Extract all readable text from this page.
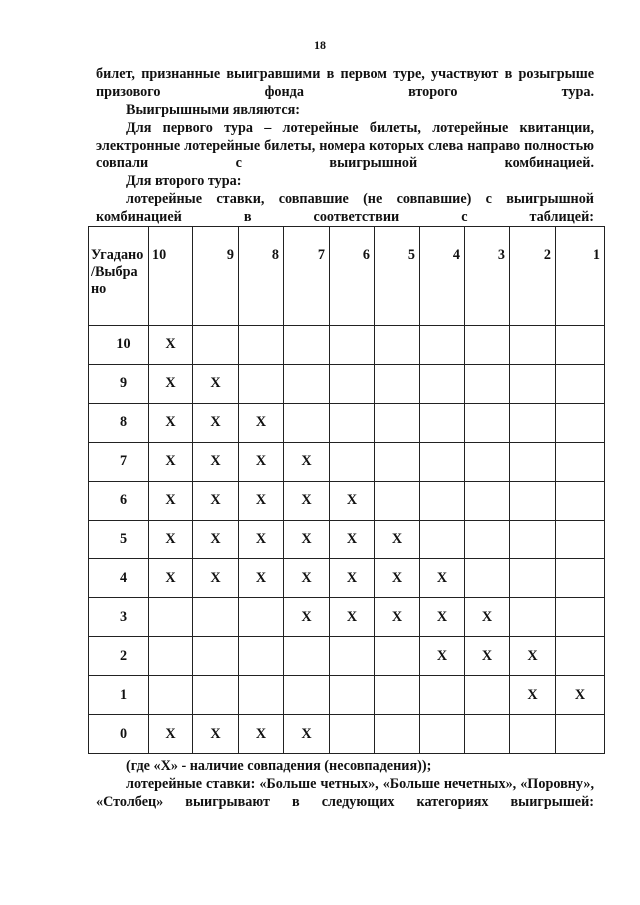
18
билет, признанные выигравшими в первом туре, участвуют в розыгрыше призового фонда второго тура.
Выигрышными являются:
Для первого тура – лотерейные билеты, лотерейные квитанции, электронные лотерейные билеты, номера которых слева направо полностью совпали с выигрышной комбинацией.
Для второго тура:
лотерейные ставки, совпавшие (не совпавшие) с выигрышной комбинацией в соответствии с таблицей:
Угадано /Выбра но	10	9	8	7	6	5	4	3	2	1
10	Х									
9	Х	Х								
8	Х	Х	Х							
7	Х	Х	Х	Х						
6	Х	Х	Х	Х	Х					
5	Х	Х	Х	Х	Х	Х				
4	Х	Х	Х	Х	Х	Х	Х			
3				Х	Х	Х	Х	Х		
2							Х	Х	Х	
1									Х	Х
0	Х	Х	Х	Х						
(где «Х» - наличие совпадения (несовпадения));
лотерейные ставки: «Больше четных», «Больше нечетных», «Поровну», «Столбец» выигрывают в следующих категориях выигрышей:
